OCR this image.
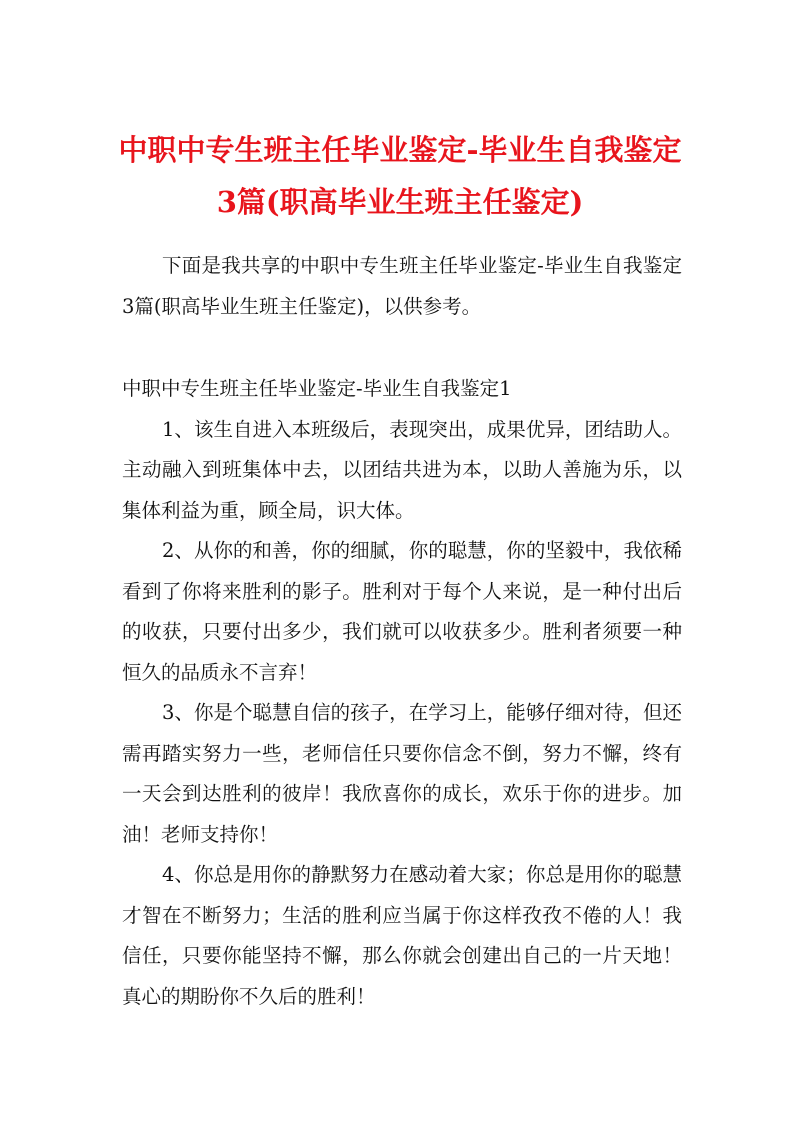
中职中专生班主任毕业鉴定-毕业生自我鉴定3篇(职高毕业生班主任鉴定)

下面是我共享的中职中专生班主任毕业鉴定-毕业生自我鉴定3篇(职高毕业生班主任鉴定)，以供参考。

中职中专生班主任毕业鉴定-毕业生自我鉴定1

1、该生自进入本班级后，表现突出，成果优异，团结助人。主动融入到班集体中去，以团结共进为本，以助人善施为乐，以集体利益为重，顾全局，识大体。

2、从你的和善，你的细腻，你的聪慧，你的坚毅中，我依稀看到了你将来胜利的影子。胜利对于每个人来说，是一种付出后的收获，只要付出多少，我们就可以收获多少。胜利者须要一种恒久的品质永不言弃！

3、你是个聪慧自信的孩子，在学习上，能够仔细对待，但还需再踏实努力一些，老师信任只要你信念不倒，努力不懈，终有一天会到达胜利的彼岸！我欣喜你的成长，欢乐于你的进步。加油！老师支持你！

4、你总是用你的静默努力在感动着大家；你总是用你的聪慧才智在不断努力；生活的胜利应当属于你这样孜孜不倦的人！我信任，只要你能坚持不懈，那么你就会创建出自己的一片天地！真心的期盼你不久后的胜利！
